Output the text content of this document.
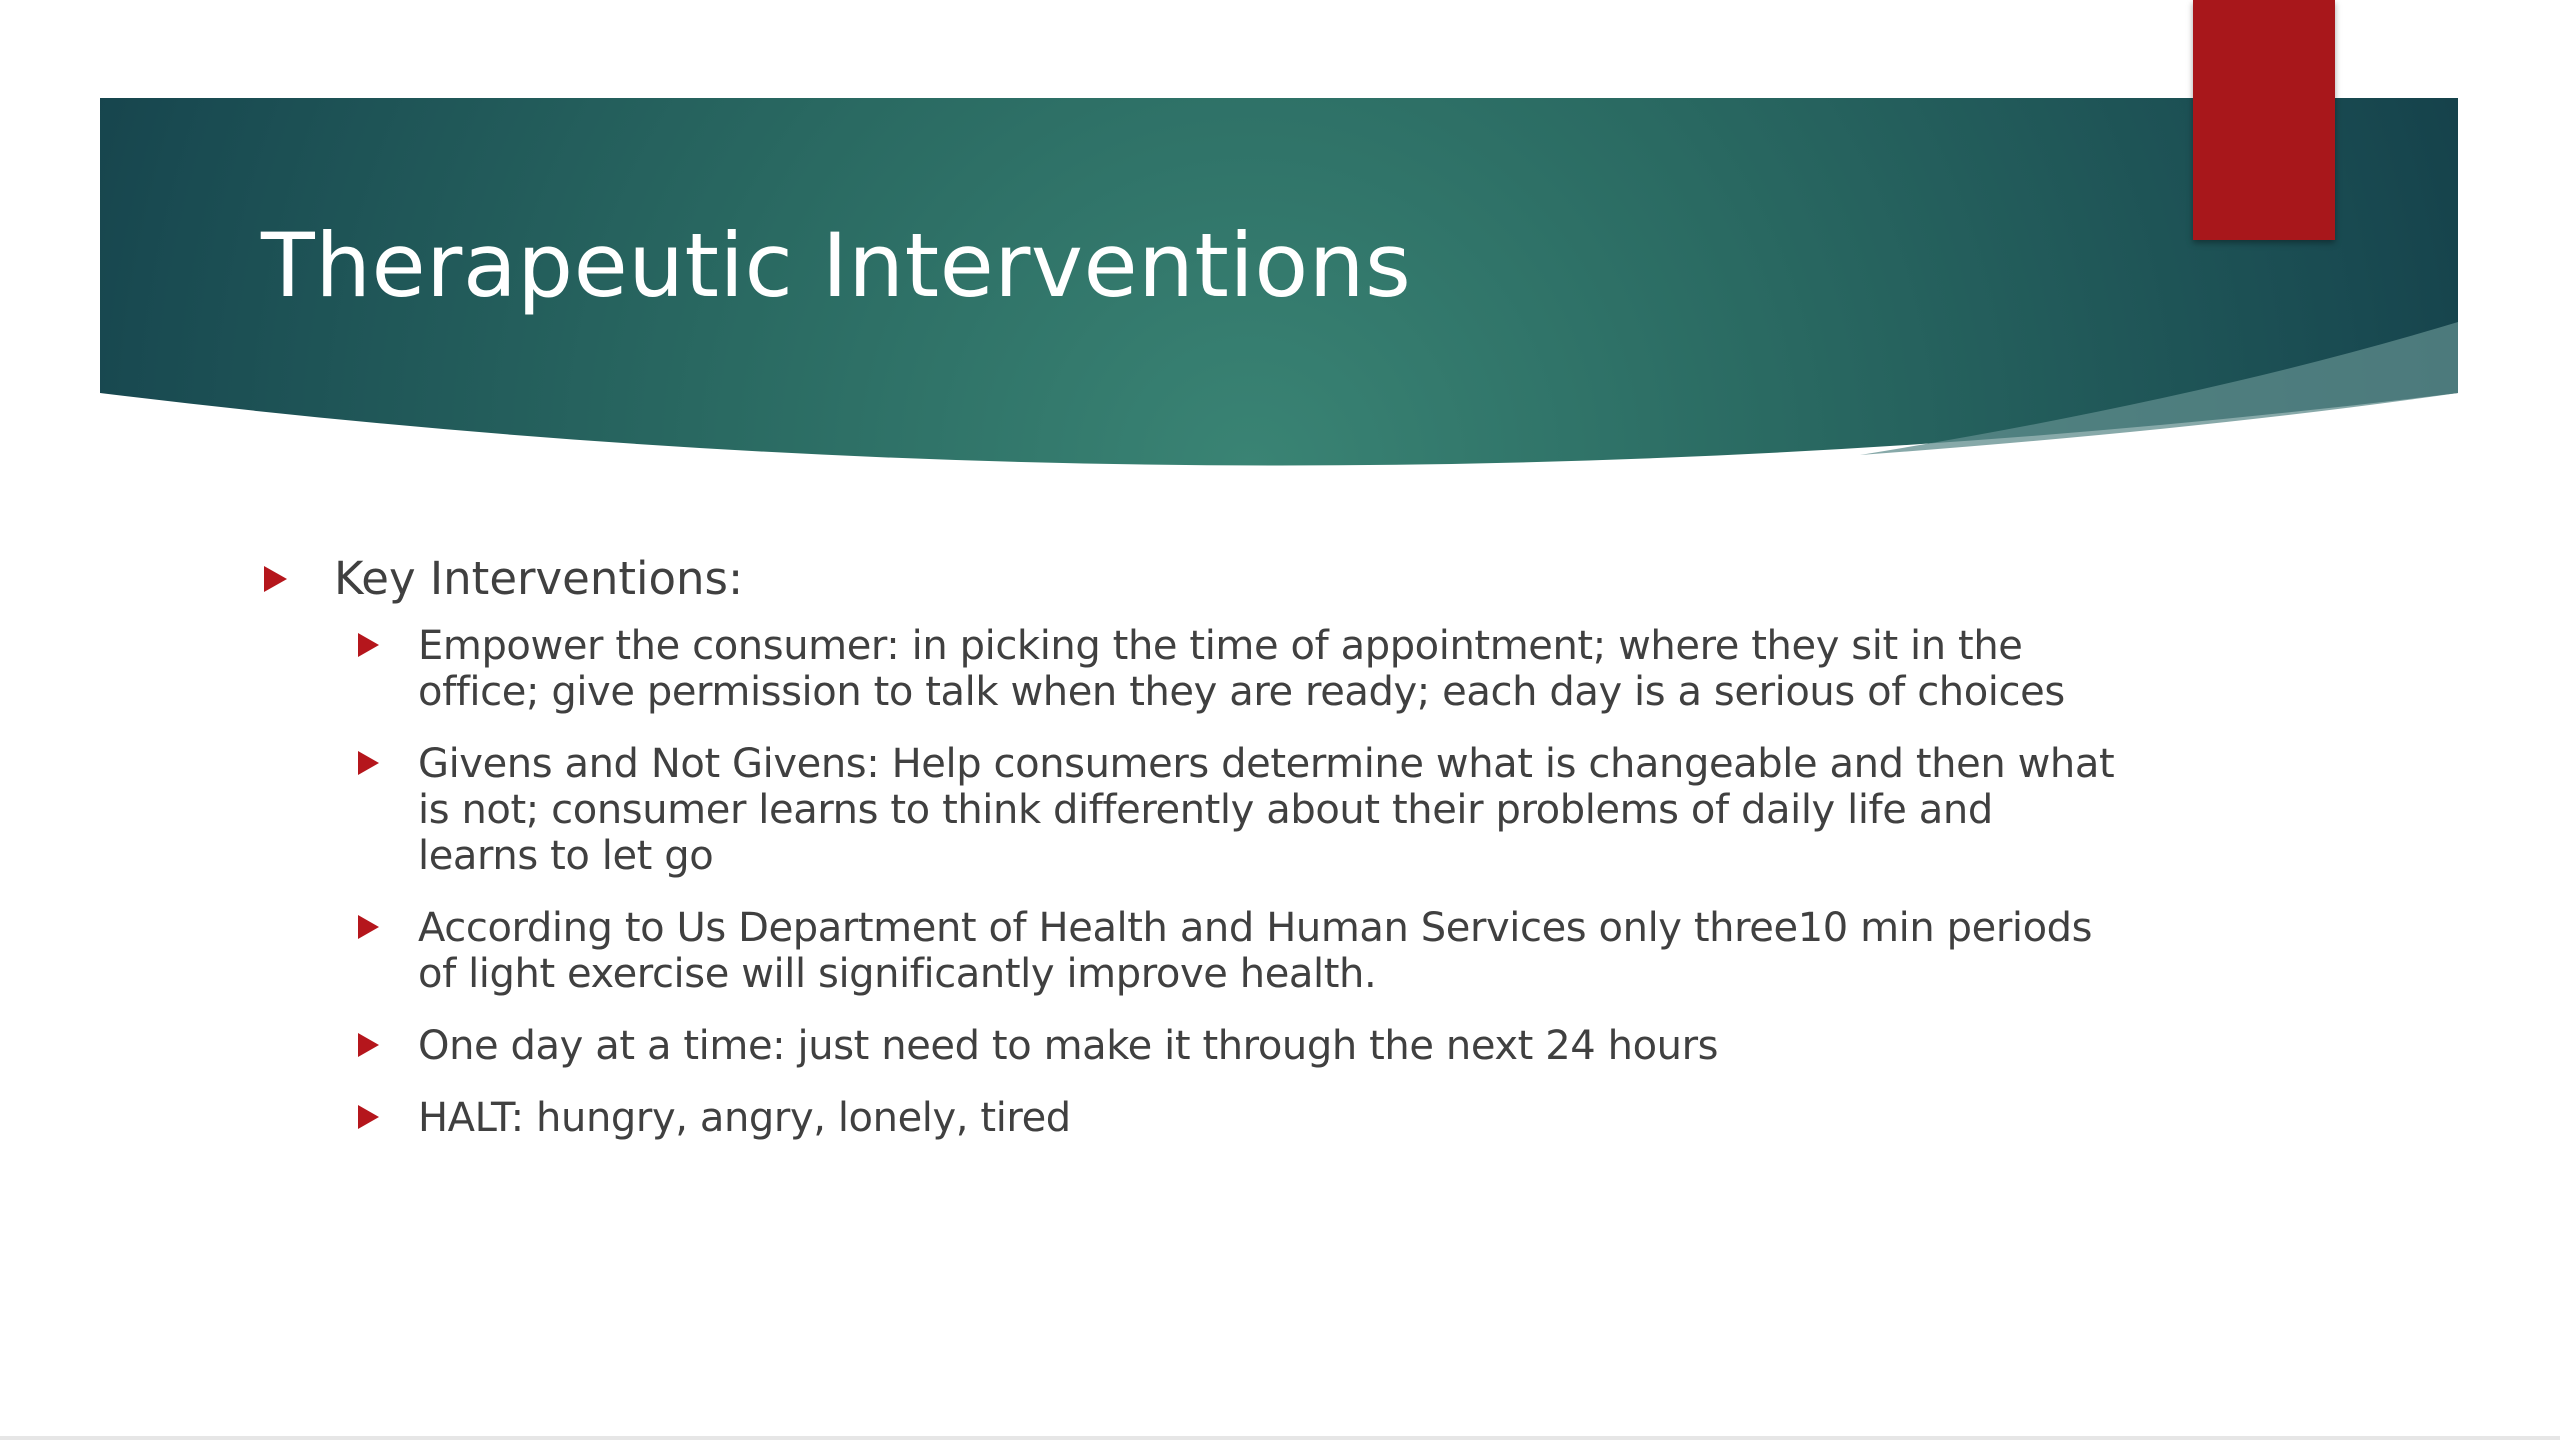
Therapeutic Interventions
Key Interventions:
Empower the consumer: in picking the time of appointment; where they sit in the office; give permission to talk when they are ready; each day is a serious of choices
Givens and Not Givens: Help consumers determine what is changeable and then what is not; consumer learns to think differently about their problems of daily life and learns to let go
According to Us Department of Health and Human Services only three10 min periods of light exercise will significantly improve health.
One day at a time: just need to make it through the next 24 hours
HALT: hungry, angry, lonely, tired
